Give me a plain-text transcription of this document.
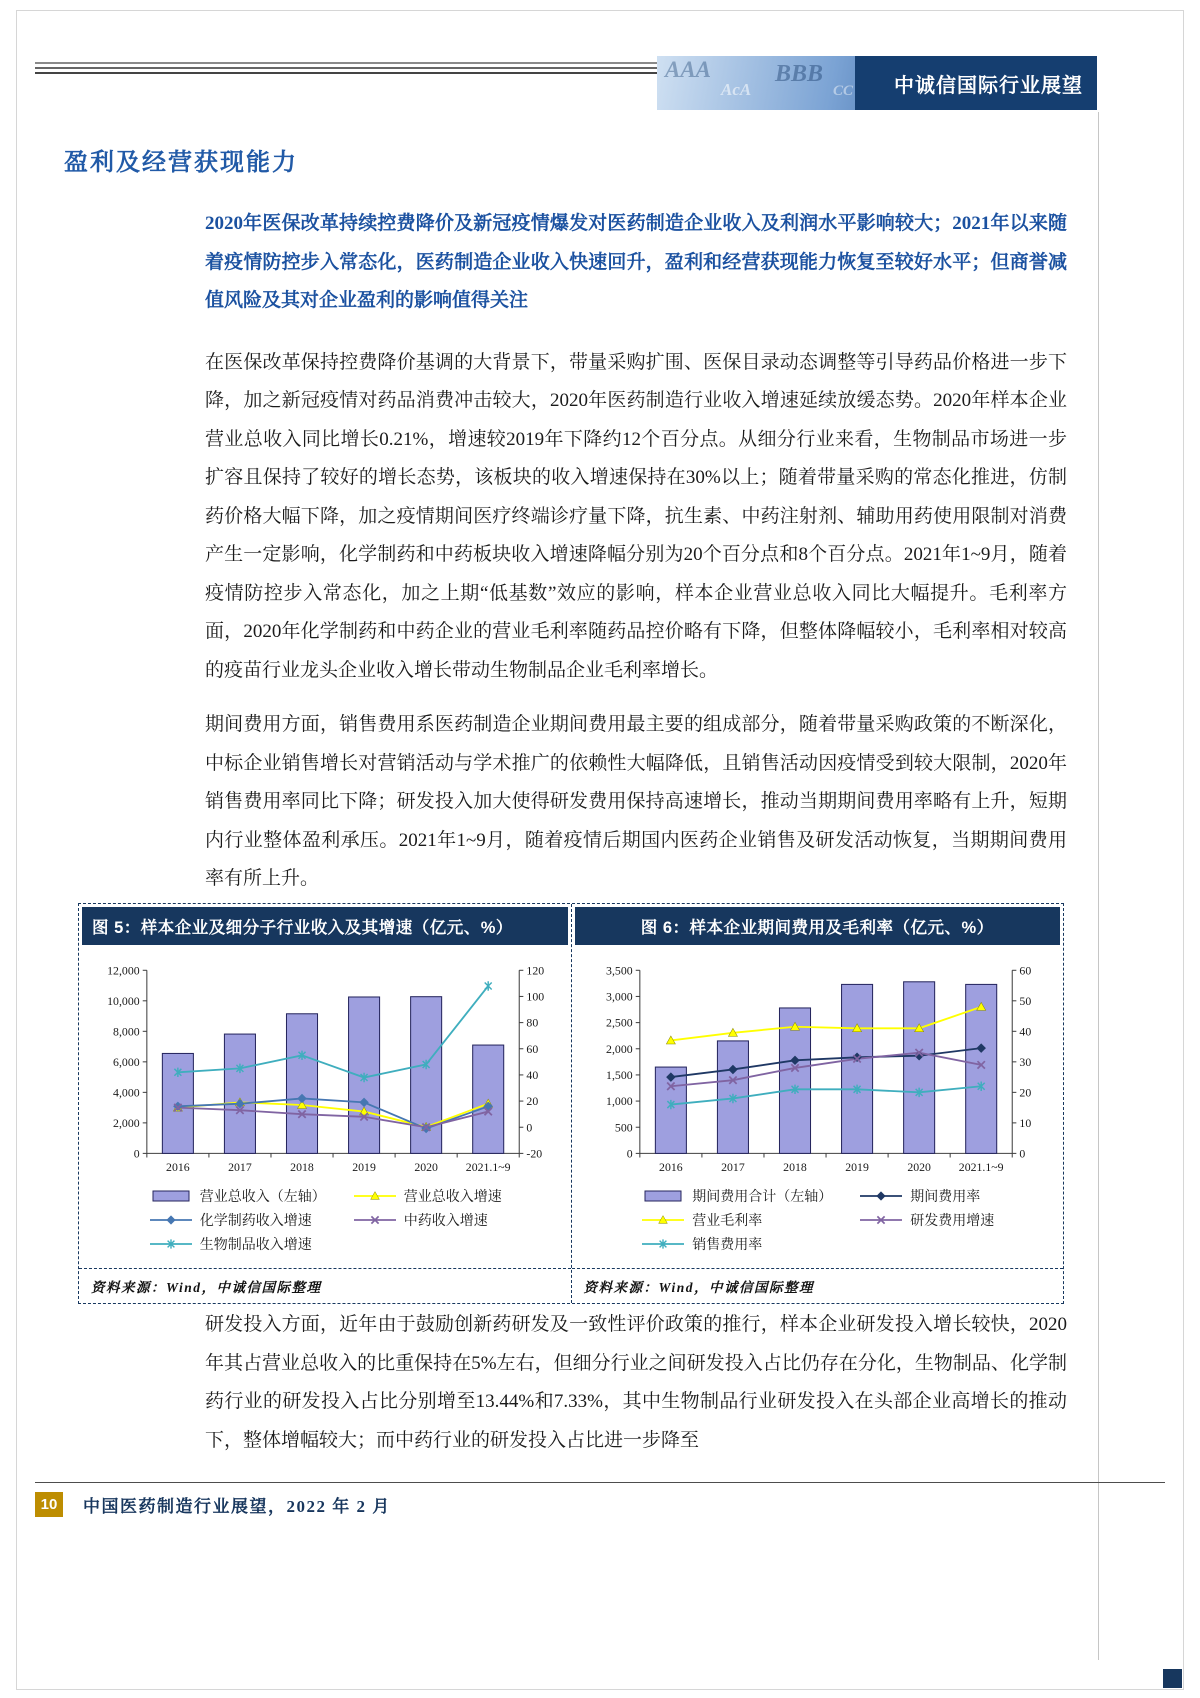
AAA
AcA
BBB
CC 中诚信国际行业展望
盈利及经营获现能力

2020年医保改革持续控费降价及新冠疫情爆发对医药制造企业收入及利润水平影响较大；2021年以来随着疫情防控步入常态化，医药制造企业收入快速回升，盈利和经营获现能力恢复至较好水平；但商誉减值风险及其对企业盈利的影响值得关注

在医保改革保持控费降价基调的大背景下，带量采购扩围、医保目录动态调整等引导药品价格进一步下降，加之新冠疫情对药品消费冲击较大，2020年医药制造行业收入增速延续放缓态势。2020年样本企业营业总收入同比增长0.21%，增速较2019年下降约12个百分点。从细分行业来看，生物制品市场进一步扩容且保持了较好的增长态势，该板块的收入增速保持在30%以上；随着带量采购的常态化推进，仿制药价格大幅下降，加之疫情期间医疗终端诊疗量下降，抗生素、中药注射剂、辅助用药使用限制对消费产生一定影响，化学制药和中药板块收入增速降幅分别为20个百分点和8个百分点。2021年1~9月，随着疫情防控步入常态化，加之上期“低基数”效应的影响，样本企业营业总收入同比大幅提升。毛利率方面，2020年化学制药和中药企业的营业毛利率随药品控价略有下降，但整体降幅较小，毛利率相对较高的疫苗行业龙头企业收入增长带动生物制品企业毛利率增长。

期间费用方面，销售费用系医药制造企业期间费用最主要的组成部分，随着带量采购政策的不断深化，中标企业销售增长对营销活动与学术推广的依赖性大幅降低，且销售活动因疫情受到较大限制，2020年销售费用率同比下降；研发投入加大使得研发费用保持高速增长，推动当期期间费用率略有上升，短期内行业整体盈利承压。2021年1~9月，随着疫情后期国内医药企业销售及研发活动恢复，当期期间费用率有所上升。

图 5：样本企业及细分子行业收入及其增速（亿元、%）
0
2,000
4,000
6,000
8,000
10,000
12,000
-20
0
20
40
60
80
100
120
2016	2017	2018	2019	2020 2021.1~9
营业总收入（左轴）	营业总收入增速
化学制药收入增速	中药收入增速
生物制品收入增速
资料来源：Wind，中诚信国际整理
图 6：样本企业期间费用及毛利率（亿元、%）
0
500
1,000
1,500
2,000
2,500
3,000
3,500
0
10
20
30
40
50
60
2016	2017	2018	2019	2020 2021.1~9
期间费用合计（左轴）	期间费用率
营业毛利率	研发费用增速
销售费用率
资料来源：Wind，中诚信国际整理

研发投入方面，近年由于鼓励创新药研发及一致性评价政策的推行，样本企业研发投入增长较快，2020年其占营业总收入的比重保持在5%左右，但细分行业之间研发投入占比仍存在分化，生物制品、化学制药行业的研发投入占比分别增至13.44%和7.33%，其中生物制品行业研发投入在头部企业高增长的推动下，整体增幅较大；而中药行业的研发投入占比进一步降至

10	中国医药制造行业展望，2022 年 2 月
